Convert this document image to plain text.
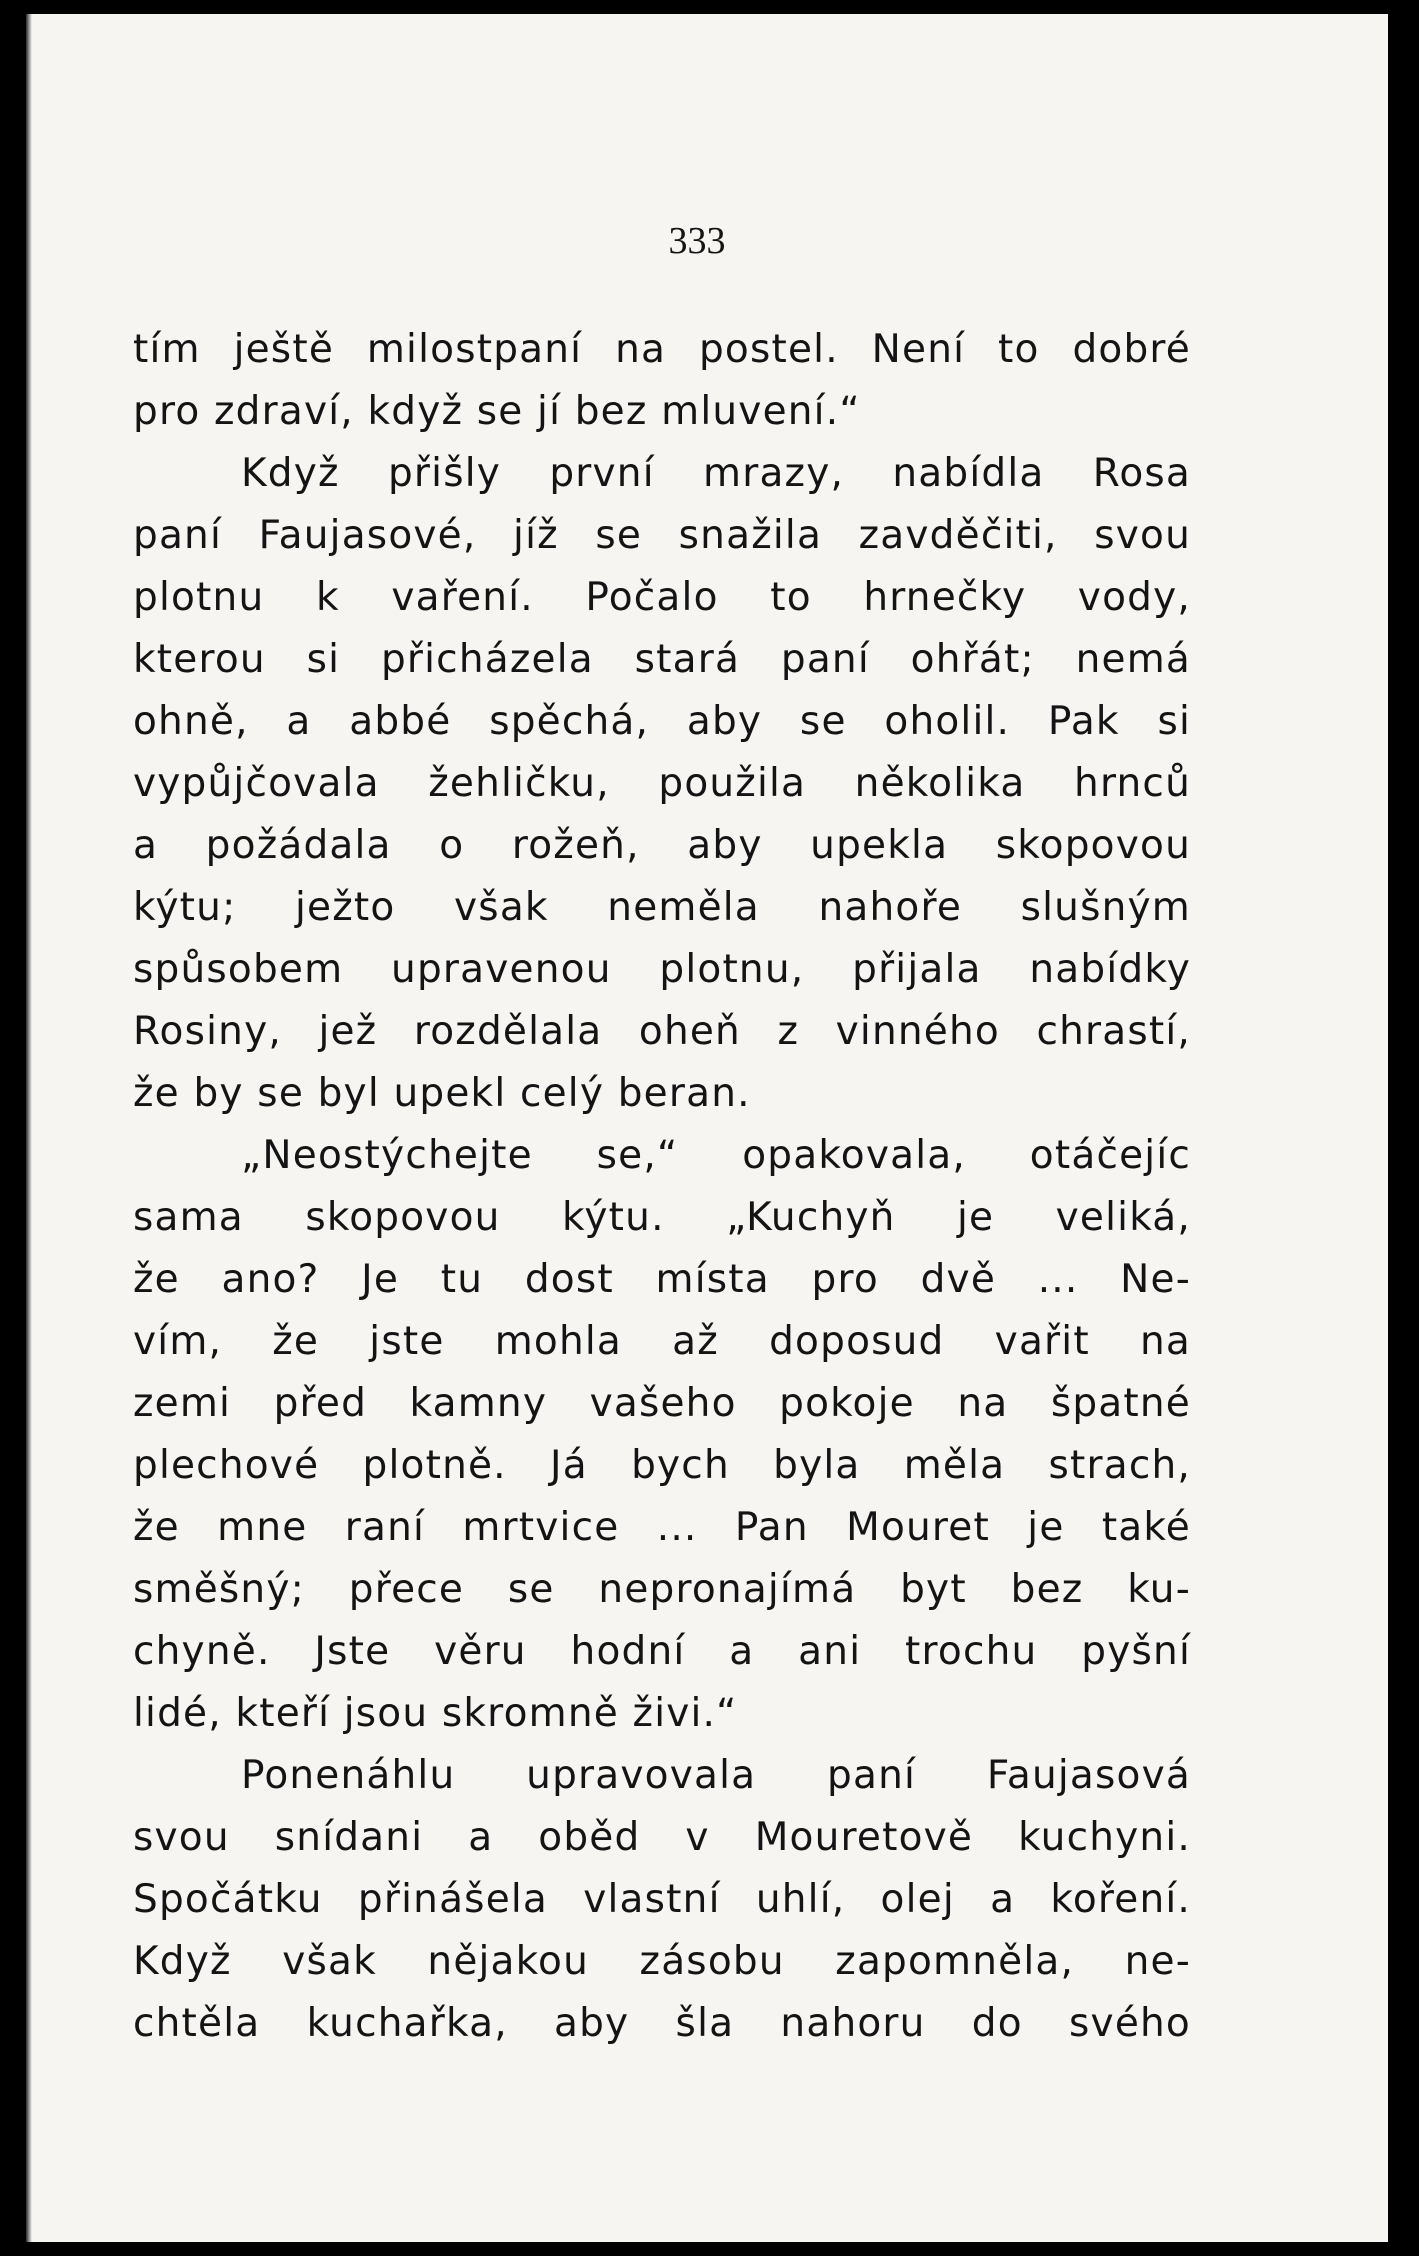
333
tím ještě milostpaní na postel. Není to dobré
pro zdraví, když se jí bez mluvení.“
Když přišly první mrazy, nabídla Rosa
paní Faujasové, jíž se snažila zavděčiti, svou
plotnu k vaření. Počalo to hrnečky vody,
kterou si přicházela stará paní ohřát; nemá
ohně, a abbé spěchá, aby se oholil. Pak si
vypůjčovala žehličku, použila několika hrnců
a požádala o rožeň, aby upekla skopovou
kýtu; ježto však neměla nahoře slušným
spůsobem upravenou plotnu, přijala nabídky
Rosiny, jež rozdělala oheň z vinného chrastí,
že by se byl upekl celý beran.
„Neostýchejte se,“ opakovala, otáčejíc
sama skopovou kýtu. „Kuchyň je veliká,
že ano? Je tu dost místa pro dvě ... Ne-
vím, že jste mohla až doposud vařit na
zemi před kamny vašeho pokoje na špatné
plechové plotně. Já bych byla měla strach,
že mne raní mrtvice ... Pan Mouret je také
směšný; přece se nepronajímá byt bez ku-
chyně. Jste věru hodní a ani trochu pyšní
lidé, kteří jsou skromně živi.“
Ponenáhlu upravovala paní Faujasová
svou snídani a oběd v Mouretově kuchyni.
Spočátku přinášela vlastní uhlí, olej a koření.
Když však nějakou zásobu zapomněla, ne-
chtěla kuchařka, aby šla nahoru do svého
